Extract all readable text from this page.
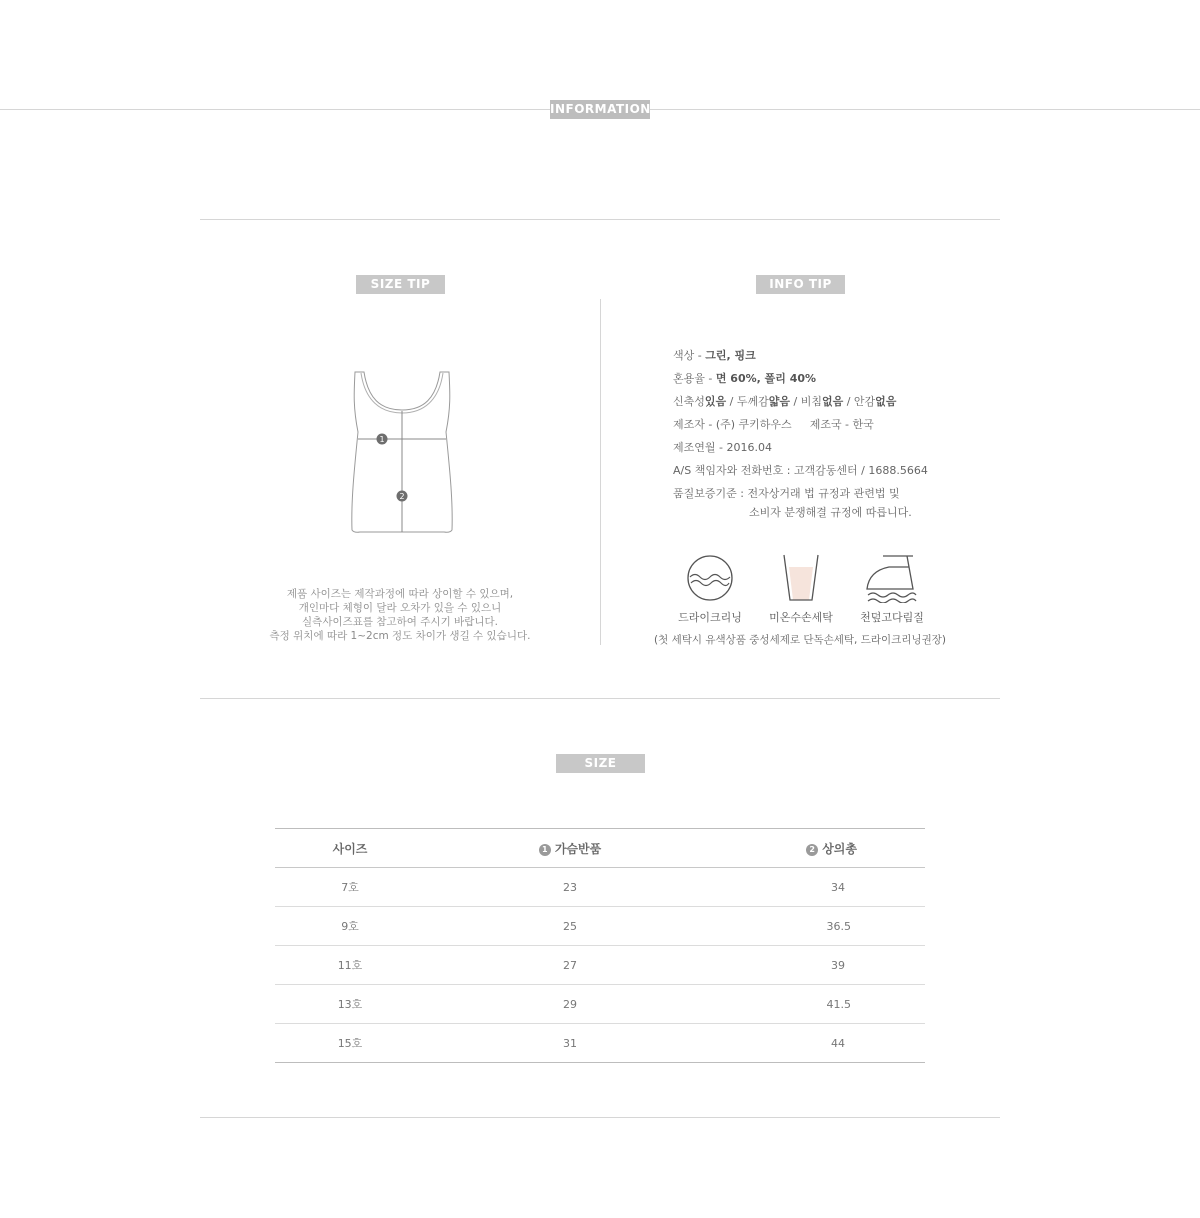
INFORMATION
SIZE TIP
1
2
제품 사이즈는 제작과정에 따라 상이할 수 있으며,
개인마다 체형이 달라 오차가 있을 수 있으니
실측사이즈표를 참고하여 주시기 바랍니다.
측정 위치에 따라 1~2cm 정도 차이가 생길 수 있습니다.
INFO TIP
색상 - 그린, 핑크
혼용율 - 면 60%, 폴리 40%
신축성있음 / 두께감얇음 / 비침없음 / 안감없음
제조자 - (주) 쿠키하우스 제조국 - 한국
제조연월 - 2016.04
A/S 책임자와 전화번호 : 고객감동센터 / 1688.5664
품질보증기준 : 전자상거래 법 규정과 관련법 및
소비자 분쟁해결 규정에 따릅니다.
드라이크리닝	미온수손세탁	천덮고다림질
(첫 세탁시 유색상품 중성세제로 단독손세탁, 드라이크리닝권장)
SIZE
사이즈	1 가슴반품	2 상의총	
7호	23	34	
9호	25	36.5	
11호	27	39	
13호	29	41.5	
15호	31	44	
